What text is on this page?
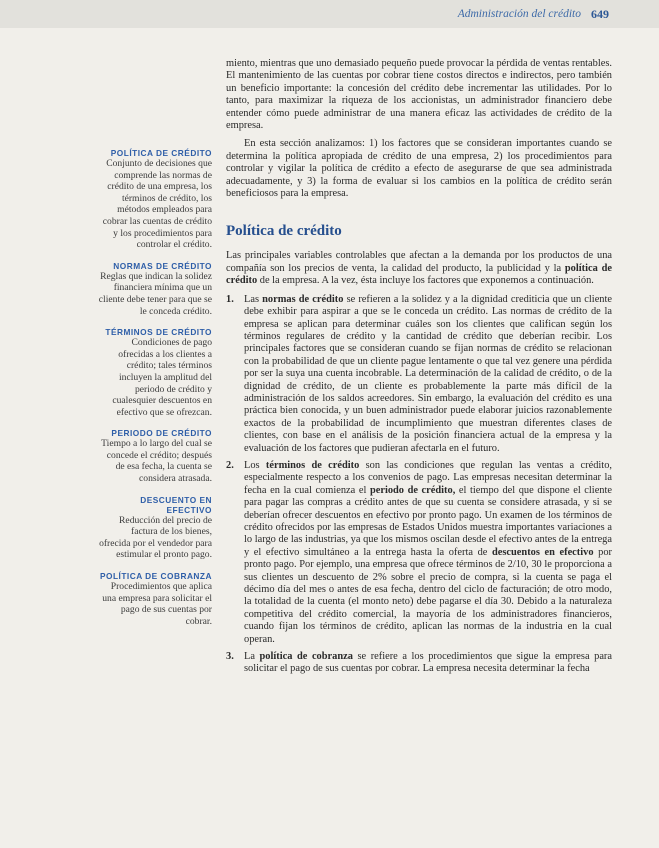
Administración del crédito 649
POLÍTICA DE CRÉDITO
Conjunto de decisiones que comprende las normas de crédito de una empresa, los términos de crédito, los métodos empleados para cobrar las cuentas de crédito y los procedimientos para controlar el crédito.
NORMAS DE CRÉDITO
Reglas que indican la solidez financiera mínima que un cliente debe tener para que se le conceda crédito.
TÉRMINOS DE CRÉDITO
Condiciones de pago ofrecidas a los clientes a crédito; tales términos incluyen la amplitud del periodo de crédito y cualesquier descuentos en efectivo que se ofrezcan.
PERIODO DE CRÉDITO
Tiempo a lo largo del cual se concede el crédito; después de esa fecha, la cuenta se considera atrasada.
DESCUENTO EN EFECTIVO
Reducción del precio de factura de los bienes, ofrecida por el vendedor para estimular el pronto pago.
POLÍTICA DE COBRANZA
Procedimientos que aplica una empresa para solicitar el pago de sus cuentas por cobrar.

miento, mientras que uno demasiado pequeño puede provocar la pérdida de ventas rentables. El mantenimiento de las cuentas por cobrar tiene costos directos e indirectos, pero también un beneficio importante: la concesión del crédito debe incrementar las utilidades. Por lo tanto, para maximizar la riqueza de los accionistas, un administrador financiero debe entender cómo puede administrar de una manera eficaz las actividades de crédito de la empresa.

En esta sección analizamos: 1) los factores que se consideran importantes cuando se determina la política apropiada de crédito de una empresa, 2) los procedimientos para controlar y vigilar la política de crédito a efecto de asegurarse de que sea administrada adecuadamente, y 3) la forma de evaluar si los cambios en la política de crédito serán beneficiosos para la empresa.

Política de crédito

Las principales variables controlables que afectan a la demanda por los productos de una compañía son los precios de venta, la calidad del producto, la publicidad y la política de crédito de la empresa. A la vez, ésta incluye los factores que exponemos a continuación.

1. Las normas de crédito se refieren a la solidez y a la dignidad crediticia que un cliente debe exhibir para aspirar a que se le conceda un crédito. Las normas de crédito de la empresa se aplican para determinar cuáles son los clientes que califican según los términos regulares de crédito y la cantidad de crédito que deberían recibir. Los principales factores que se consideran cuando se fijan normas de crédito se relacionan con la probabilidad de que un cliente pague lentamente o que tal vez genere una pérdida por ser la suya una cuenta incobrable. La determinación de la calidad de crédito, o de la dignidad de crédito, de un cliente es probablemente la parte más difícil de la administración de los saldos acreedores. Sin embargo, la evaluación del crédito es una práctica bien conocida, y un buen administrador puede elaborar juicios razonablemente exactos de la probabilidad de incumplimiento que muestran diferentes clases de clientes, con base en el análisis de la posición financiera actual de la empresa y la evaluación de los factores que pudieran afectarla en el futuro.
2. Los términos de crédito son las condiciones que regulan las ventas a crédito, especialmente respecto a los convenios de pago. Las empresas necesitan determinar la fecha en la cual comienza el periodo de crédito, el tiempo del que dispone el cliente para pagar las compras a crédito antes de que su cuenta se considere atrasada, y si se deberían ofrecer descuentos en efectivo por pronto pago. Un examen de los términos de crédito ofrecidos por las empresas de Estados Unidos muestra importantes variaciones a lo largo de las industrias, ya que los mismos oscilan desde el efectivo antes de la entrega y el efectivo simultáneo a la entrega hasta la oferta de descuentos en efectivo por pronto pago. Por ejemplo, una empresa que ofrece términos de 2/10, 30 le proporciona a sus clientes un descuento de 2% sobre el precio de compra, si la cuenta se paga el décimo día del mes o antes de esa fecha, dentro del ciclo de facturación; de otro modo, la totalidad de la cuenta (el monto neto) debe pagarse el día 30. Debido a la naturaleza competitiva del crédito comercial, la mayoría de los administradores financieros, cuando fijan los términos de crédito, aplican las normas de la industria en la cual operan.
3. La política de cobranza se refiere a los procedimientos que sigue la empresa para solicitar el pago de sus cuentas por cobrar. La empresa necesita determinar la fecha
